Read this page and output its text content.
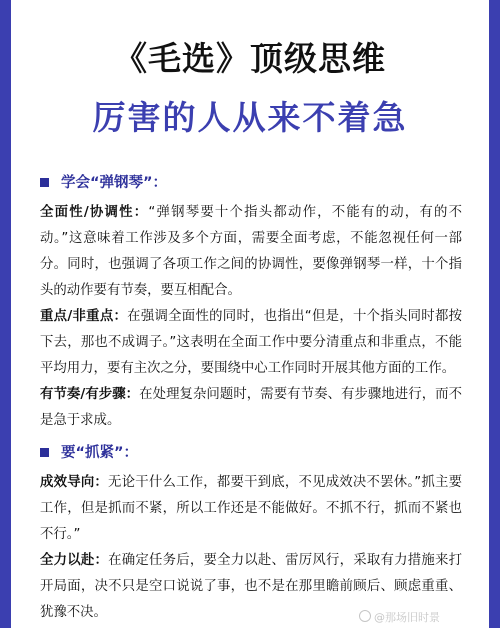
《毛选》顶级思维
厉害的人从来不着急
学会“弹钢琴”：

全面性/协调性：“弹钢琴要十个指头都动作，不能有的动，有的不动。”这意味着工作涉及多个方面，需要全面考虑，不能忽视任何一部分。同时，也强调了各项工作之间的协调性，要像弹钢琴一样，十个指头的动作要有节奏，要互相配合。

重点/非重点：在强调全面性的同时，也指出“但是，十个指头同时都按下去，那也不成调子。”这表明在全面工作中要分清重点和非重点，不能平均用力，要有主次之分，要围绕中心工作同时开展其他方面的工作。

有节奏/有步骤：在处理复杂问题时，需要有节奏、有步骤地进行，而不是急于求成。

要“抓紧”：

成效导向：无论干什么工作，都要干到底，不见成效决不罢休。”抓主要工作，但是抓而不紧，所以工作还是不能做好。不抓不行，抓而不紧也不行。”

全力以赴：在确定任务后，要全力以赴、雷厉风行，采取有力措施来打开局面，决不只是空口说说了事，也不是在那里瞻前顾后、顾虑重重、犹豫不决。	@那场旧时景
